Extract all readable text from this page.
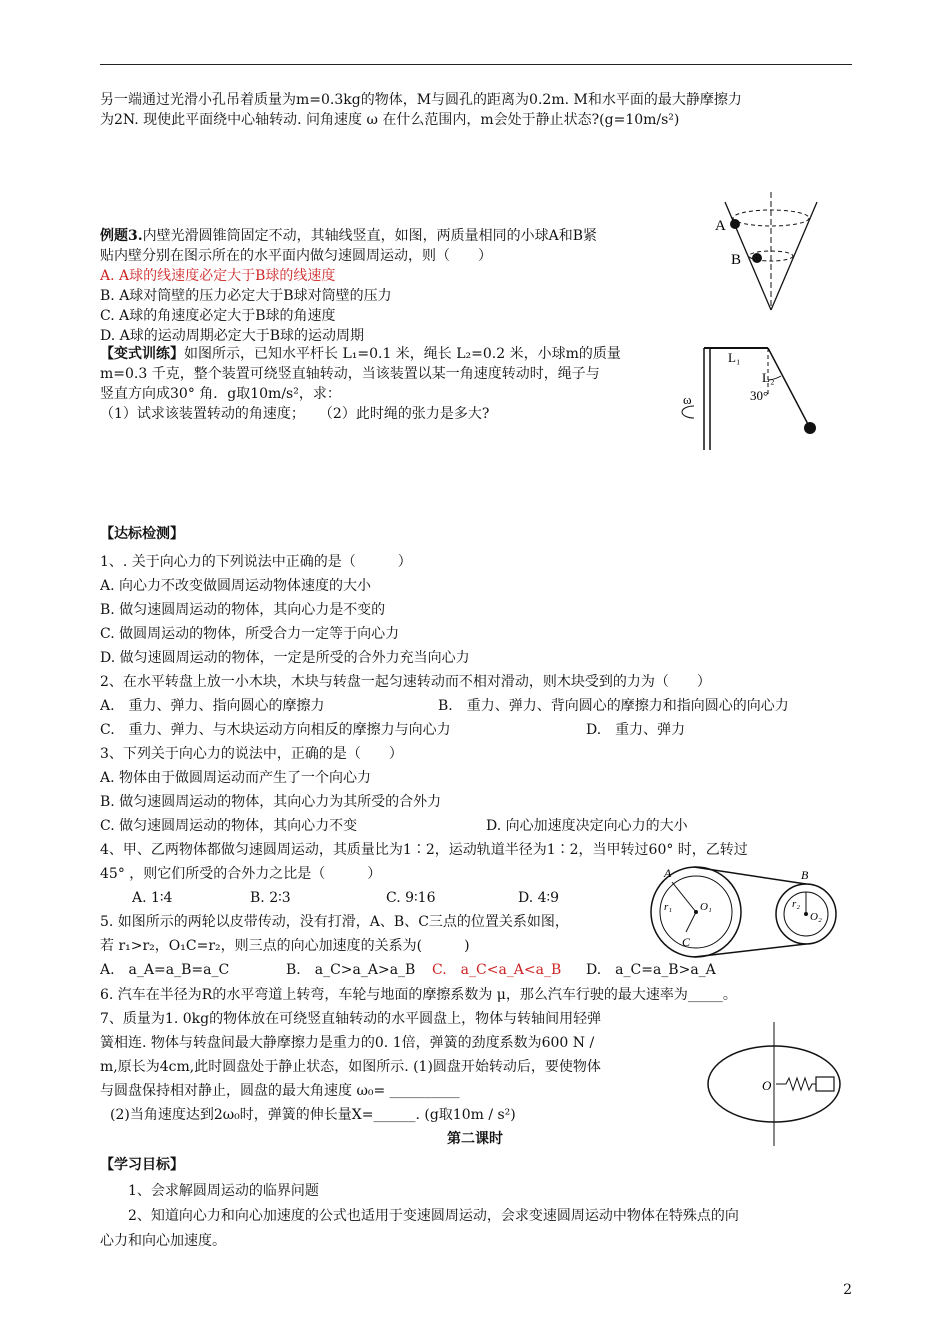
另一端通过光滑小孔吊着质量为m=0.3kg的物体，M与圆孔的距离为0.2m. M和水平面的最大静摩擦力
为2N. 现使此平面绕中心轴转动. 问角速度 ω 在什么范围内，m会处于静止状态?(g=10m/s²)
例题3.内壁光滑圆锥筒固定不动，其轴线竖直，如图，两质量相同的小球A和B紧
贴内壁分别在图示所在的水平面内做匀速圆周运动，则（　　）
A. A球的线速度必定大于B球的线速度
B. A球对筒壁的压力必定大于B球对筒壁的压力
C. A球的角速度必定大于B球的角速度
D. A球的运动周期必定大于B球的运动周期
A
B
【变式训练】如图所示，已知水平杆长 L₁=0.1 米，绳长 L₂=0.2 米，小球m的质量
m=0.3 千克，整个装置可绕竖直轴转动，当该装置以某一角速度转动时，绳子与
竖直方向成30° 角．g取10m/s²，求：
（1）试求该装置转动的角速度；　　（2）此时绳的张力是多大?
L₁
L₂
30°
ω
【达标检测】
1、. 关于向心力的下列说法中正确的是（　　　）
A. 向心力不改变做圆周运动物体速度的大小
B. 做匀速圆周运动的物体，其向心力是不变的
C. 做圆周运动的物体，所受合力一定等于向心力
D. 做匀速圆周运动的物体，一定是所受的合外力充当向心力
2、在水平转盘上放一小木块，木块与转盘一起匀速转动而不相对滑动，则木块受到的力为（　　）
A.　重力、弹力、指向圆心的摩擦力	B.　重力、弹力、背向圆心的摩擦力和指向圆心的向心力
C.　重力、弹力、与木块运动方向相反的摩擦力与向心力	D.　重力、弹力
3、下列关于向心力的说法中，正确的是（　　）
A. 物体由于做圆周运动而产生了一个向心力
B. 做匀速圆周运动的物体，其向心力为其所受的合外力
C. 做匀速圆周运动的物体，其向心力不变	D. 向心加速度决定向心力的大小
4、甲、乙两物体都做匀速圆周运动，其质量比为1∶2，运动轨道半径为1∶2，当甲转过60° 时，乙转过
45° ，则它们所受的合外力之比是（　　　）
A. 1∶4	B. 2∶3	C. 9∶16	D. 4∶9
A	B
C
r₁	r₂
O₁
O₂
5. 如图所示的两轮以皮带传动，没有打滑，A、B、C三点的位置关系如图，
若 r₁>r₂，O₁C=r₂，则三点的向心加速度的关系为(　　　)
A.　a_A=a_B=a_C	B.　a_C>a_A>a_B C.　a_C<a_A<a_B D.　a_C=a_B>a_A
6. 汽车在半径为R的水平弯道上转弯，车轮与地面的摩擦系数为 μ，那么汽车行驶的最大速率为_____。
7、质量为1. 0kg的物体放在可绕竖直轴转动的水平圆盘上，物体与转轴间用轻弹
簧相连. 物体与转盘间最大静摩擦力是重力的0. 1倍，弹簧的劲度系数为600 N /
m,原长为4cm,此时圆盘处于静止状态，如图所示. (1)圆盘开始转动后，要使物体
与圆盘保持相对静止，圆盘的最大角速度 ω₀= __________
(2)当角速度达到2ω₀时，弹簧的伸长量X=______. (g取10m / s²)
O
第二课时
【学习目标】
1、会求解圆周运动的临界问题
2、知道向心力和向心加速度的公式也适用于变速圆周运动，会求变速圆周运动中物体在特殊点的向
心力和向心加速度。
2
